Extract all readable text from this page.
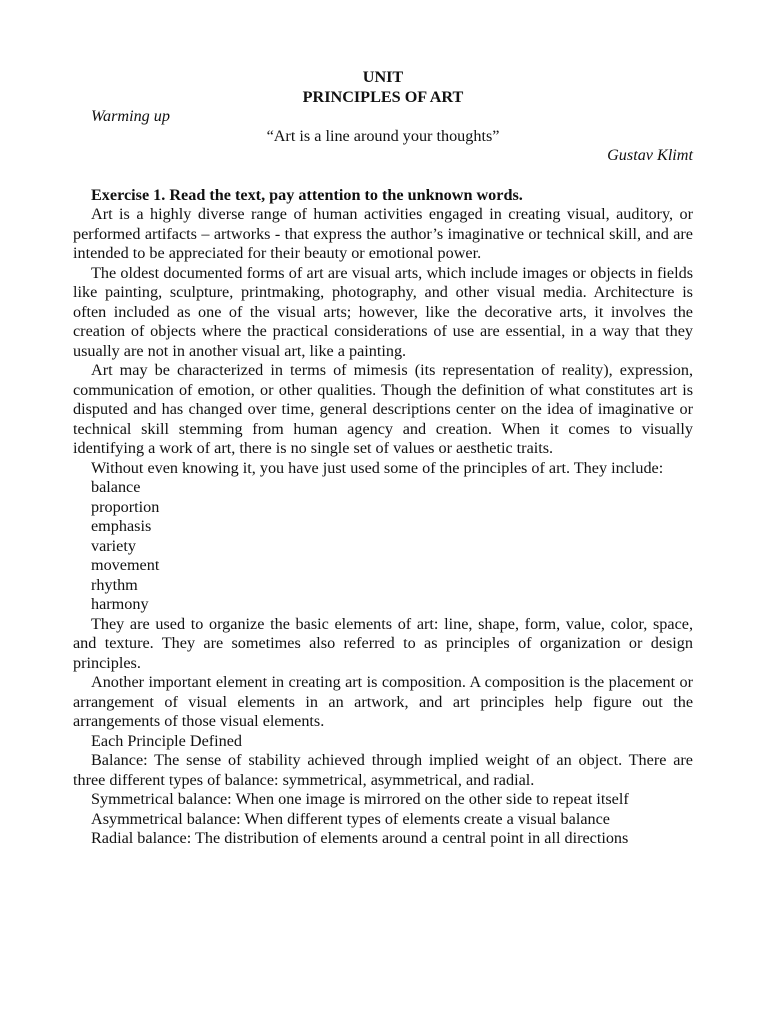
UNIT

PRINCIPLES OF ART

Warming up

“Art is a line around your thoughts”

Gustav Klimt

Exercise 1. Read the text, pay attention to the unknown words.

Art is a highly diverse range of human activities engaged in creating visual, auditory, or performed artifacts – artworks - that express the author’s imaginative or technical skill, and are intended to be appreciated for their beauty or emotional power.

The oldest documented forms of art are visual arts, which include images or objects in fields like painting, sculpture, printmaking, photography, and other visual media. Architecture is often included as one of the visual arts; however, like the decorative arts, it involves the creation of objects where the practical considerations of use are essential, in a way that they usually are not in another visual art, like a painting.

Art may be characterized in terms of mimesis (its representation of reality), expression, communication of emotion, or other qualities. Though the definition of what constitutes art is disputed and has changed over time, general descriptions center on the idea of imaginative or technical skill stemming from human agency and creation. When it comes to visually identifying a work of art, there is no single set of values or aesthetic traits.

Without even knowing it, you have just used some of the principles of art. They include:

balance
proportion
emphasis
variety
movement
rhythm
harmony

They are used to organize the basic elements of art: line, shape, form, value, color, space, and texture. They are sometimes also referred to as principles of organization or design principles.

Another important element in creating art is composition. A composition is the placement or arrangement of visual elements in an artwork, and art principles help figure out the arrangements of those visual elements.

Each Principle Defined

Balance: The sense of stability achieved through implied weight of an object. There are three different types of balance: symmetrical, asymmetrical, and radial.

Symmetrical balance: When one image is mirrored on the other side to repeat itself

Asymmetrical balance: When different types of elements create a visual balance

Radial balance: The distribution of elements around a central point in all directions
